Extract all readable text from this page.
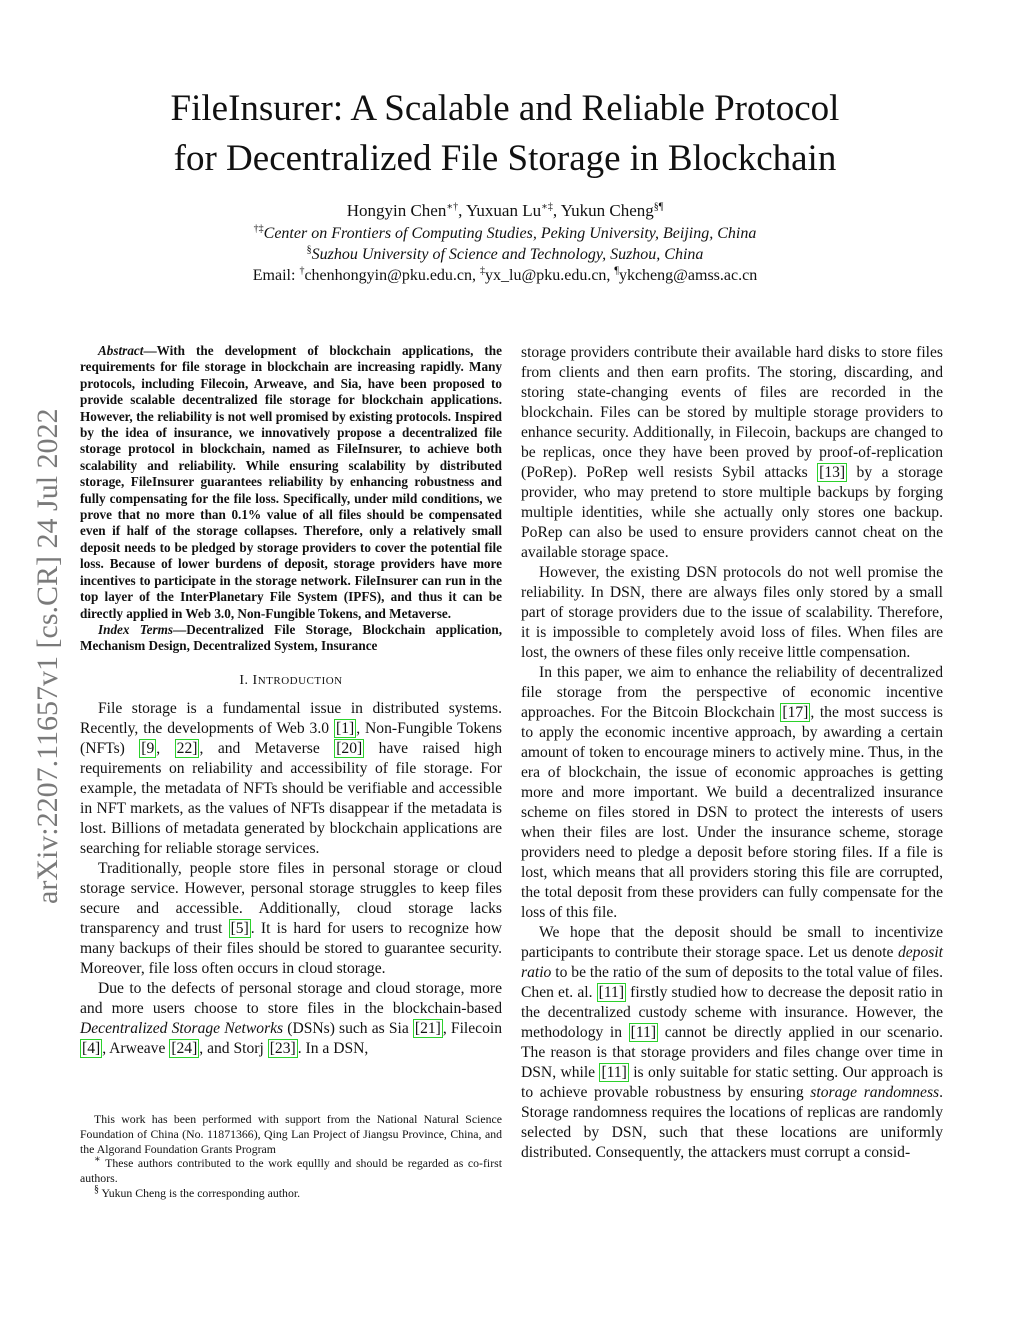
FileInsurer: A Scalable and Reliable Protocol
for Decentralized File Storage in Blockchain
Hongyin Chen∗†, Yuxuan Lu∗‡, Yukun Cheng§¶
†‡Center on Frontiers of Computing Studies, Peking University, Beijing, China
§Suzhou University of Science and Technology, Suzhou, China
Email: †chenhongyin@pku.edu.cn, ‡yx_lu@pku.edu.cn, ¶ykcheng@amss.ac.cn
arXiv:2207.11657v1 [cs.CR] 24 Jul 2022

Abstract—With the development of blockchain applications, the requirements for file storage in blockchain are increasing rapidly. Many protocols, including Filecoin, Arweave, and Sia, have been proposed to provide scalable decentralized file storage for blockchain applications. However, the reliability is not well promised by existing protocols. Inspired by the idea of insurance, we innovatively propose a decentralized file storage protocol in blockchain, named as FileInsurer, to achieve both scalability and reliability. While ensuring scalability by distributed storage, FileInsurer guarantees reliability by enhancing robustness and fully compensating for the file loss. Specifically, under mild conditions, we prove that no more than 0.1% value of all files should be compensated even if half of the storage collapses. Therefore, only a relatively small deposit needs to be pledged by storage providers to cover the potential file loss. Because of lower burdens of deposit, storage providers have more incentives to participate in the storage network. FileInsurer can run in the top layer of the InterPlanetary File System (IPFS), and thus it can be directly applied in Web 3.0, Non-Fungible Tokens, and Metaverse.

Index Terms—Decentralized File Storage, Blockchain application, Mechanism Design, Decentralized System, Insurance

I. INTRODUCTION

File storage is a fundamental issue in distributed systems. Recently, the developments of Web 3.0 [1] , Non-Fungible Tokens (NFTs) [9 , 22] , and Metaverse [20] have raised high requirements on reliability and accessibility of file storage. For example, the metadata of NFTs should be verifiable and accessible in NFT markets, as the values of NFTs disappear if the metadata is lost. Billions of metadata generated by blockchain applications are searching for reliable storage services.

Traditionally, people store files in personal storage or cloud storage service. However, personal storage struggles to keep files secure and accessible. Additionally, cloud storage lacks transparency and trust [5] . It is hard for users to recognize how many backups of their files should be stored to guarantee security. Moreover, file loss often occurs in cloud storage.

Due to the defects of personal storage and cloud storage, more and more users choose to store files in the blockchain-based Decentralized Storage Networks (DSNs) such as Sia [21] , Filecoin [4] , Arweave [24] , and Storj [23] . In a DSN,

This work has been performed with support from the National Natural Science Foundation of China (No. 11871366), Qing Lan Project of Jiangsu Province, China, and the Algorand Foundation Grants Program

∗ These authors contributed to the work equllly and should be regarded as co-first authors.

§ Yukun Cheng is the corresponding author.

storage providers contribute their available hard disks to store files from clients and then earn profits. The storing, discarding, and storing state-changing events of files are recorded in the blockchain. Files can be stored by multiple storage providers to enhance security. Additionally, in Filecoin, backups are changed to be replicas, once they have been proved by proof-of-replication (PoRep). PoRep well resists Sybil attacks [13] by a storage provider, who may pretend to store multiple backups by forging multiple identities, while she actually only stores one backup. PoRep can also be used to ensure providers cannot cheat on the available storage space.

However, the existing DSN protocols do not well promise the reliability. In DSN, there are always files only stored by a small part of storage providers due to the issue of scalability. Therefore, it is impossible to completely avoid loss of files. When files are lost, the owners of these files only receive little compensation.

In this paper, we aim to enhance the reliability of decentralized file storage from the perspective of economic incentive approaches. For the Bitcoin Blockchain [17] , the most success is to apply the economic incentive approach, by awarding a certain amount of token to encourage miners to actively mine. Thus, in the era of blockchain, the issue of economic approaches is getting more and more important. We build a decentralized insurance scheme on files stored in DSN to protect the interests of users when their files are lost. Under the insurance scheme, storage providers need to pledge a deposit before storing files. If a file is lost, which means that all providers storing this file are corrupted, the total deposit from these providers can fully compensate for the loss of this file.

We hope that the deposit should be small to incentivize participants to contribute their storage space. Let us denote deposit ratio to be the ratio of the sum of deposits to the total value of files. Chen et. al. [11] firstly studied how to decrease the deposit ratio in the decentralized custody scheme with insurance. However, the methodology in [11] cannot be directly applied in our scenario. The reason is that storage providers and files change over time in DSN, while [11] is only suitable for static setting. Our approach is to achieve provable robustness by ensuring storage randomness. Storage randomness requires the locations of replicas are randomly selected by DSN, such that these locations are uniformly distributed. Consequently, the attackers must corrupt a consid-
